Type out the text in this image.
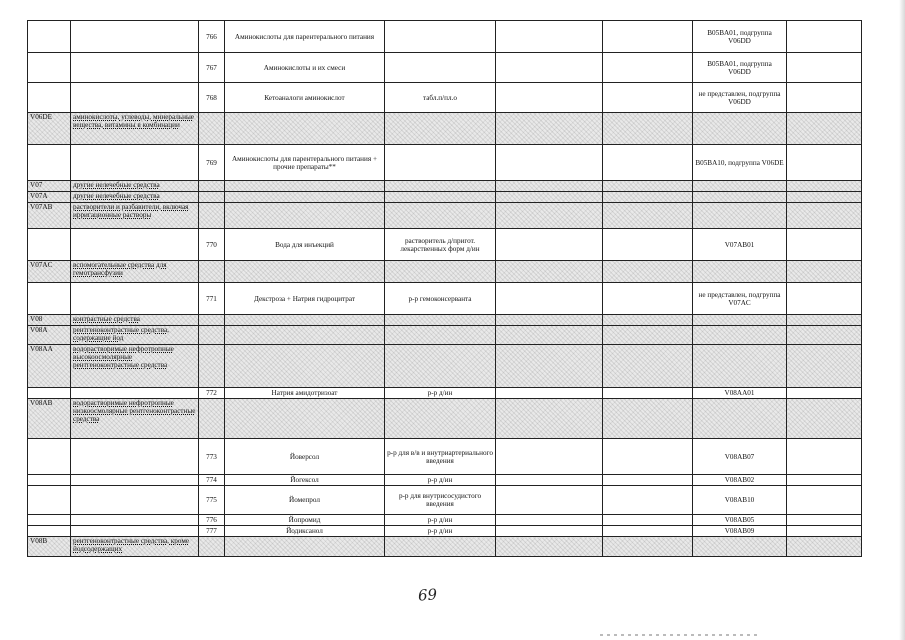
		766	Аминокислоты для парентерального питания				B05BA01, подгруппа V06DD	
		767	Аминокислоты и их смеси				B05BA01, подгруппа V06DD	
		768	Кетоаналоги аминокислот	табл.п/пл.о			не представлен, подгруппа V06DD	
V06DE	аминокислоты, углеводы, минеральные вещества, витамины в комбинации							
		769	Аминокислоты для парентерального питания + прочие препараты**				B05BA10, подгруппа V06DE	
V07	другие нелечебные средства							
V07A	другие нелечебные средства							
V07AB	растворители и разбавители, включая ирригационные растворы							
		770	Вода для инъекций	растворитель д/пригот. лекарственных форм д/ин			V07AB01	
V07AC	вспомогательные средства для гемотрансфузии							
		771	Декстроза + Натрия гидроцитрат	р-р гемоконсерванта			не представлен, подгруппа V07AC	
V08	контрастные средства							
V08A	рентгеноконтрастные средства, содержащие йод							
V08AA	водорастворимые нефротропные высокоосмолярные рентгеноконтрастные средства							
		772	Натрия амидотризоат	р-р д/ин			V08AA01	
V08AB	водорастворимые нефротропные низкоосмолярные рентгеноконтрастные средства							
		773	Йоверсол	р-р для в/в и внутриартериального введения			V08AB07	
		774	Йогексол	р-р д/ин			V08AB02	
		775	Йомепрол	р-р для внутрисосудистого введения			V08AB10	
		776	Йопромид	р-р д/ин			V08AB05	
		777	Йодиксанол	р-р д/ин			V08AB09	
V08B	рентгеноконтрастные средства, кроме йодсодержащих							
69
